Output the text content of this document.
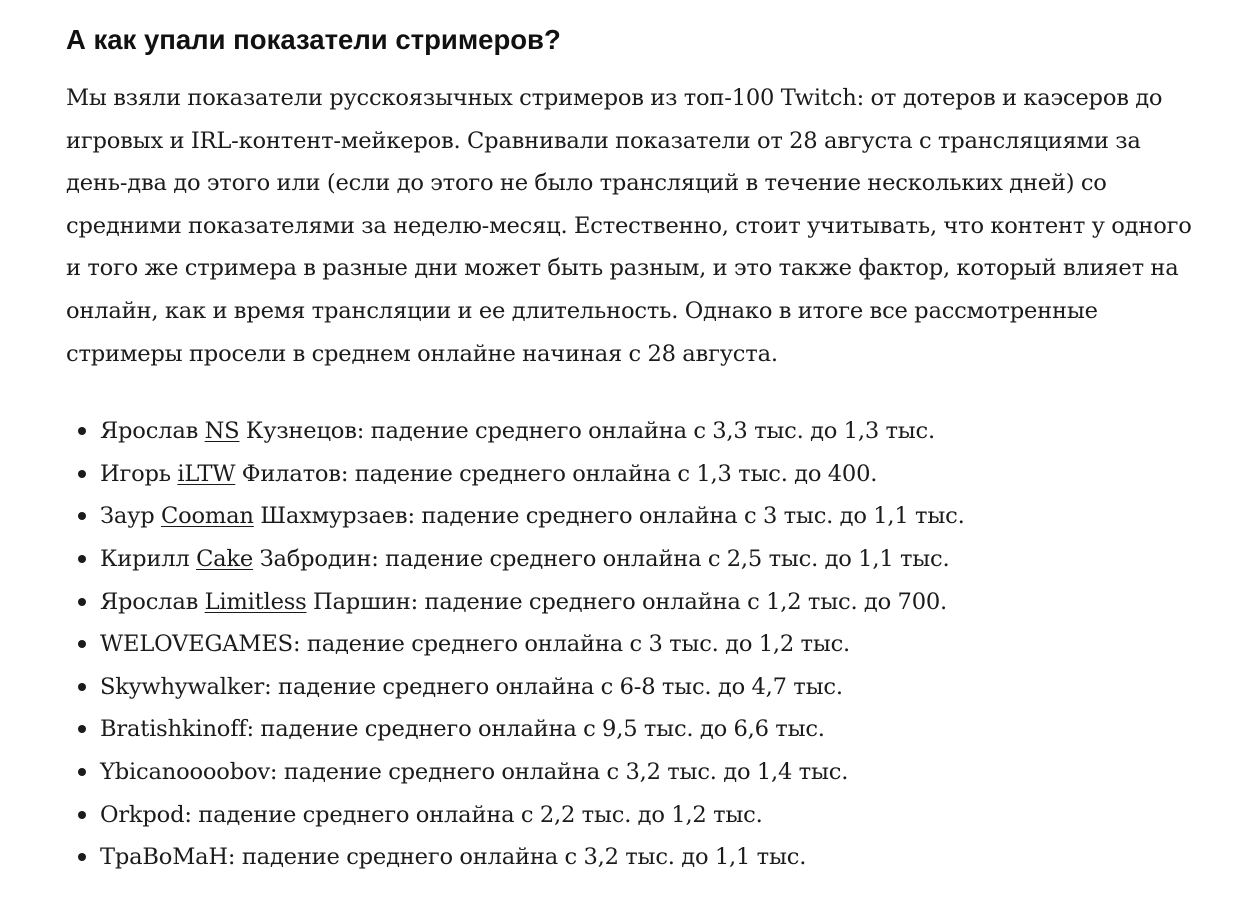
А как упали показатели стримеров?

Мы взяли показатели русскоязычных стримеров из топ-100 Twitch: от дотеров и каэсеров до игровых и IRL-контент-мейкеров. Сравнивали показатели от 28 августа с трансляциями за день-два до этого или (если до этого не было трансляций в течение нескольких дней) со средними показателями за неделю-месяц. Естественно, стоит учитывать, что контент у одного и того же стримера в разные дни может быть разным, и это также фактор, который влияет на онлайн, как и время трансляции и ее длительность. Однако в итоге все рассмотренные стримеры просели в среднем онлайне начиная с 28 августа.

Ярослав NS Кузнецов: падение среднего онлайна с 3,3 тыс. до 1,3 тыс.
Игорь iLTW Филатов: падение среднего онлайна с 1,3 тыс. до 400.
Заур Cooman Шахмурзаев: падение среднего онлайна с 3 тыс. до 1,1 тыс.
Кирилл Cake Забродин: падение среднего онлайна с 2,5 тыс. до 1,1 тыс.
Ярослав Limitless Паршин: падение среднего онлайна с 1,2 тыс. до 700.
WELOVEGAMES: падение среднего онлайна с 3 тыс. до 1,2 тыс.
Skywhywalker: падение среднего онлайна с 6-8 тыс. до 4,7 тыс.
Bratishkinoff: падение среднего онлайна с 9,5 тыс. до 6,6 тыс.
Ybicanoooobov: падение среднего онлайна с 3,2 тыс. до 1,4 тыс.
Orkpod: падение среднего онлайна с 2,2 тыс. до 1,2 тыс.
ТраВоМаН: падение среднего онлайна с 3,2 тыс. до 1,1 тыс.
